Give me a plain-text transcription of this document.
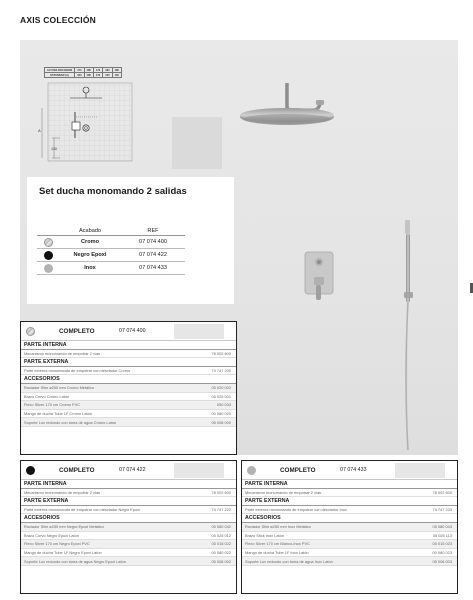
AXIS COLECCIÓN
ALTURA ROCIADOR	170	180	170	180	180
ESTANDAR (A)	160	180	170	120	150
A
130
Set ducha monomando 2 salidas
Acabado	REF
Cromo	07 074 400
Negro Epoxi	07 074 422
Inox	07 074 433
COMPLETO	07 074 400
PARTE INTERNA
Mecanismo monomando de empotrar 2 vías	78 002 600
PARTE EXTERNA
Parte externa monomando de empotrar con desviador Cromo	74 747 200
ACCESORIOS
Rociador Slim ø250 mm Cromo Metálico	05 020 002
Brazo Curvo Cromo Latón	05 025 001
Flexo Silver 170 cm Cromo PVC	050 033
Mango de ducha Tube 1F Cromo Latón	00 080 020
Soporte Lux redondo con toma de agua Cromo Latón	05 008 000
COMPLETO	07 074 422
PARTE INTERNA
Mecanismo monomando de empotrar 2 vías	78 002 600
PARTE EXTERNA
Parte externa monomando de empotrar con desviador Negro Epoxi	74 747 222
ACCESORIOS
Rociador Slim ø250 mm Negro Epoxi Metálico	05 080 042
Brazo Curvo Negro Epoxi Latón	05 025 012
Flexo Silver 170 cm Negro Epoxi PVC	05 015 022
Mango de ducha Tube 1F Negro Epoxi Latón	00 080 022
Soporte Lux redondo con toma de agua Negro Epoxi Latón	05 008 002
COMPLETO	07 074 433
PARTE INTERNA
Mecanismo monomando de empotrar 2 vías	78 002 600
PARTE EXTERNA
Parte externa monomando de empotrar con desviador Inox	74 747 233
ACCESORIOS
Rociador Slim ø250 mm Inox Metálico	05 080 043
Brazo Stick Inox Latón	05 025 113
Flexo Silver 170 cm Blanco-Inox PVC	05 015 023
Mango de ducha Tube 1F Inox Latón	00 080 023
Soporte Lux redondo con toma de agua Inox Latón	05 008 003
